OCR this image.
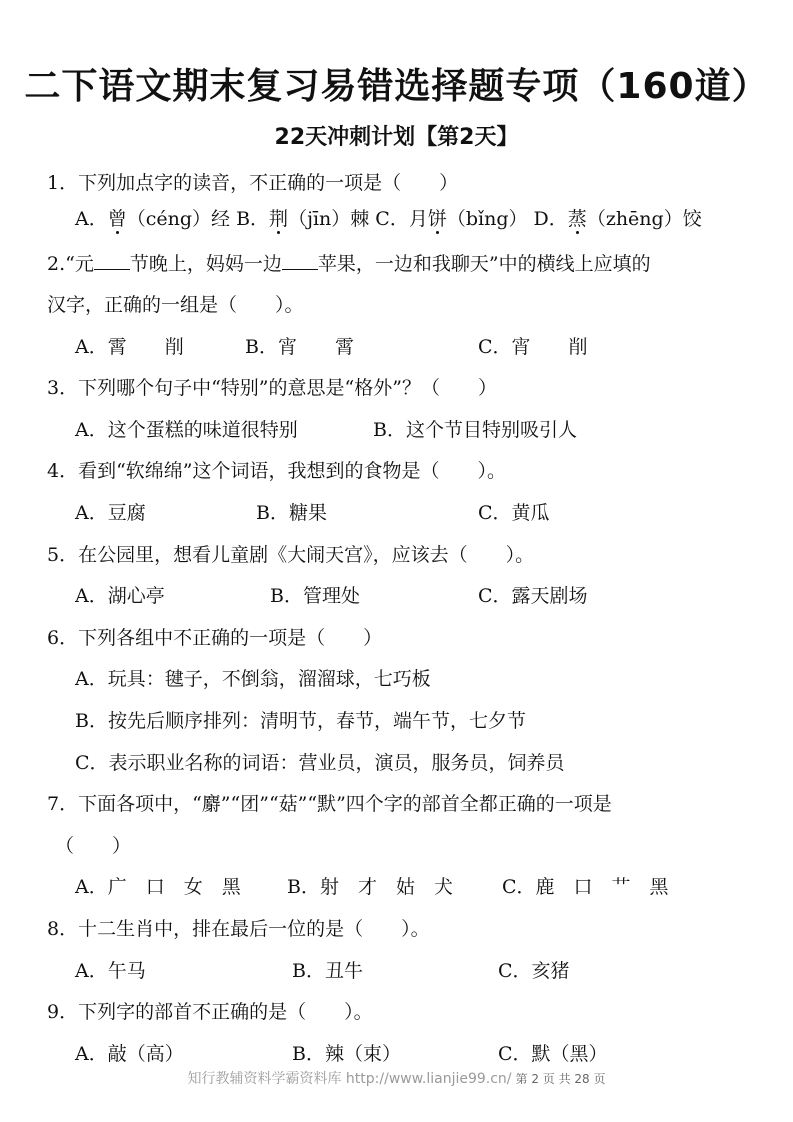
二下语文期末复习易错选择题专项（160道）
22天冲刺计划【第2天】
1．下列加点字的读音，不正确的一项是（　　）
A．曾（céng）经 B．荆（jīn）棘 C．月饼（bǐng） D．蒸（zhēng）饺
2.“元 节晚上，妈妈一边 苹果，一边和我聊天”中的横线上应填的
汉字，正确的一组是（　　）。
A．霄　　削	B．宵　　霄	C．宵　　削
3．下列哪个句子中“特别”的意思是“格外”？（　　）
A．这个蛋糕的味道很特别	B．这个节目特别吸引人
4．看到“软绵绵”这个词语，我想到的食物是（　　）。
A．豆腐	B．糖果	C．黄瓜
5．在公园里，想看儿童剧《大闹天宫》，应该去（　　）。
A．湖心亭	B．管理处	C．露天剧场
6．下列各组中不正确的一项是（　　）
A．玩具：毽子，不倒翁，溜溜球，七巧板
B．按先后顺序排列：清明节，春节，端午节，七夕节
C．表示职业名称的词语：营业员，演员，服务员，饲养员
7．下面各项中，“麝”“团”“菇”“默”四个字的部首全都正确的一项是
（　　）
A．广　口　女　黑 B．射　才　姑　犬	C．鹿　口　艹　黑
8．十二生肖中，排在最后一位的是（　　）。
A．午马	B．丑牛	C．亥猪
9．下列字的部首不正确的是（　　）。
A．敲（高）	B．辣（束）	C．默（黑）
知行教辅资料学霸资料库 http://www.lianjie99.cn/ 第 2 页 共 28 页
